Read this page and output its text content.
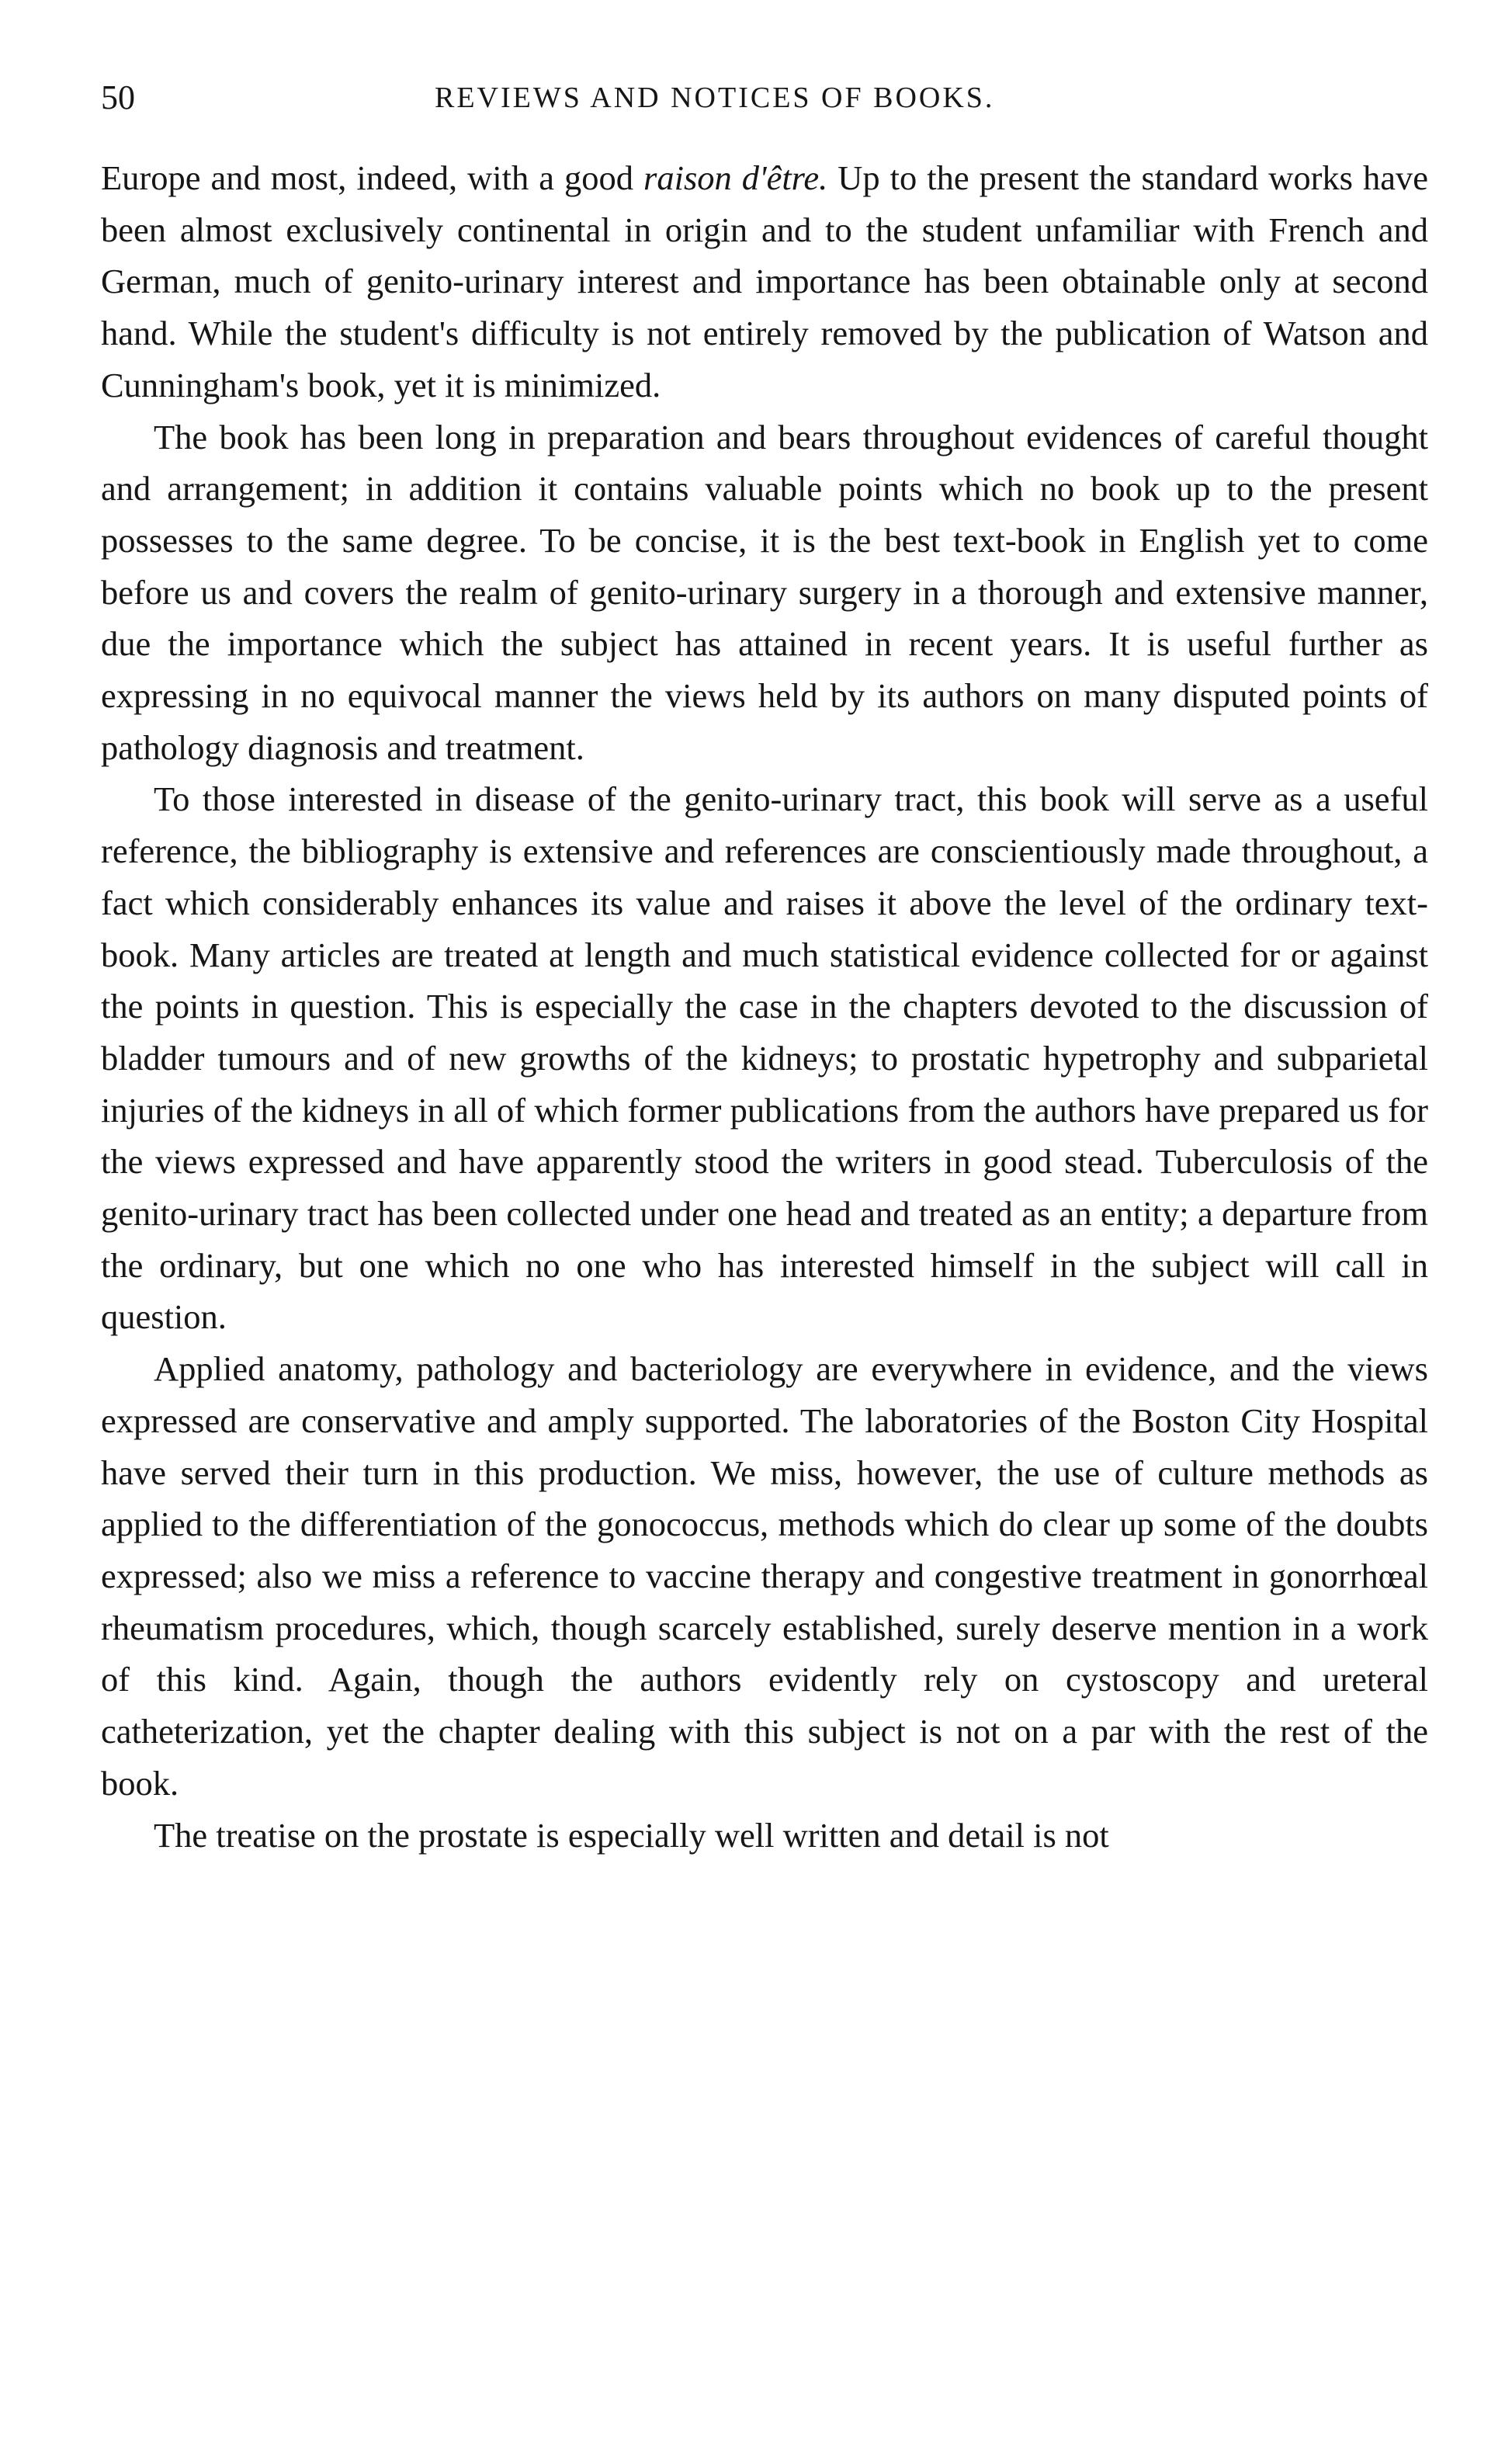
50	REVIEWS AND NOTICES OF BOOKS.

Europe and most, indeed, with a good raison d'être. Up to the present the standard works have been almost exclusively continental in origin and to the student unfamiliar with French and German, much of genito-urinary interest and importance has been obtainable only at second hand. While the student's difficulty is not entirely removed by the publication of Watson and Cunningham's book, yet it is minimized.

The book has been long in preparation and bears throughout evidences of careful thought and arrangement; in addition it contains valuable points which no book up to the present possesses to the same degree. To be concise, it is the best text-book in English yet to come before us and covers the realm of genito-urinary surgery in a thorough and extensive manner, due the importance which the subject has attained in recent years. It is useful further as expressing in no equivocal manner the views held by its authors on many disputed points of pathology diagnosis and treatment.

To those interested in disease of the genito-urinary tract, this book will serve as a useful reference, the bibliography is extensive and references are conscientiously made throughout, a fact which considerably enhances its value and raises it above the level of the ordinary text-book. Many articles are treated at length and much statistical evidence collected for or against the points in question. This is especially the case in the chapters devoted to the discussion of bladder tumours and of new growths of the kidneys; to prostatic hypetrophy and subparietal injuries of the kidneys in all of which former publications from the authors have prepared us for the views expressed and have apparently stood the writers in good stead. Tuberculosis of the genito-urinary tract has been collected under one head and treated as an entity; a departure from the ordinary, but one which no one who has interested himself in the subject will call in question.

Applied anatomy, pathology and bacteriology are everywhere in evidence, and the views expressed are conservative and amply supported. The laboratories of the Boston City Hospital have served their turn in this production. We miss, however, the use of culture methods as applied to the differentiation of the gonococcus, methods which do clear up some of the doubts expressed; also we miss a reference to vaccine therapy and congestive treatment in gonorrhœal rheumatism procedures, which, though scarcely established, surely deserve mention in a work of this kind. Again, though the authors evidently rely on cystoscopy and ureteral catheterization, yet the chapter dealing with this subject is not on a par with the rest of the book.

The treatise on the prostate is especially well written and detail is not
